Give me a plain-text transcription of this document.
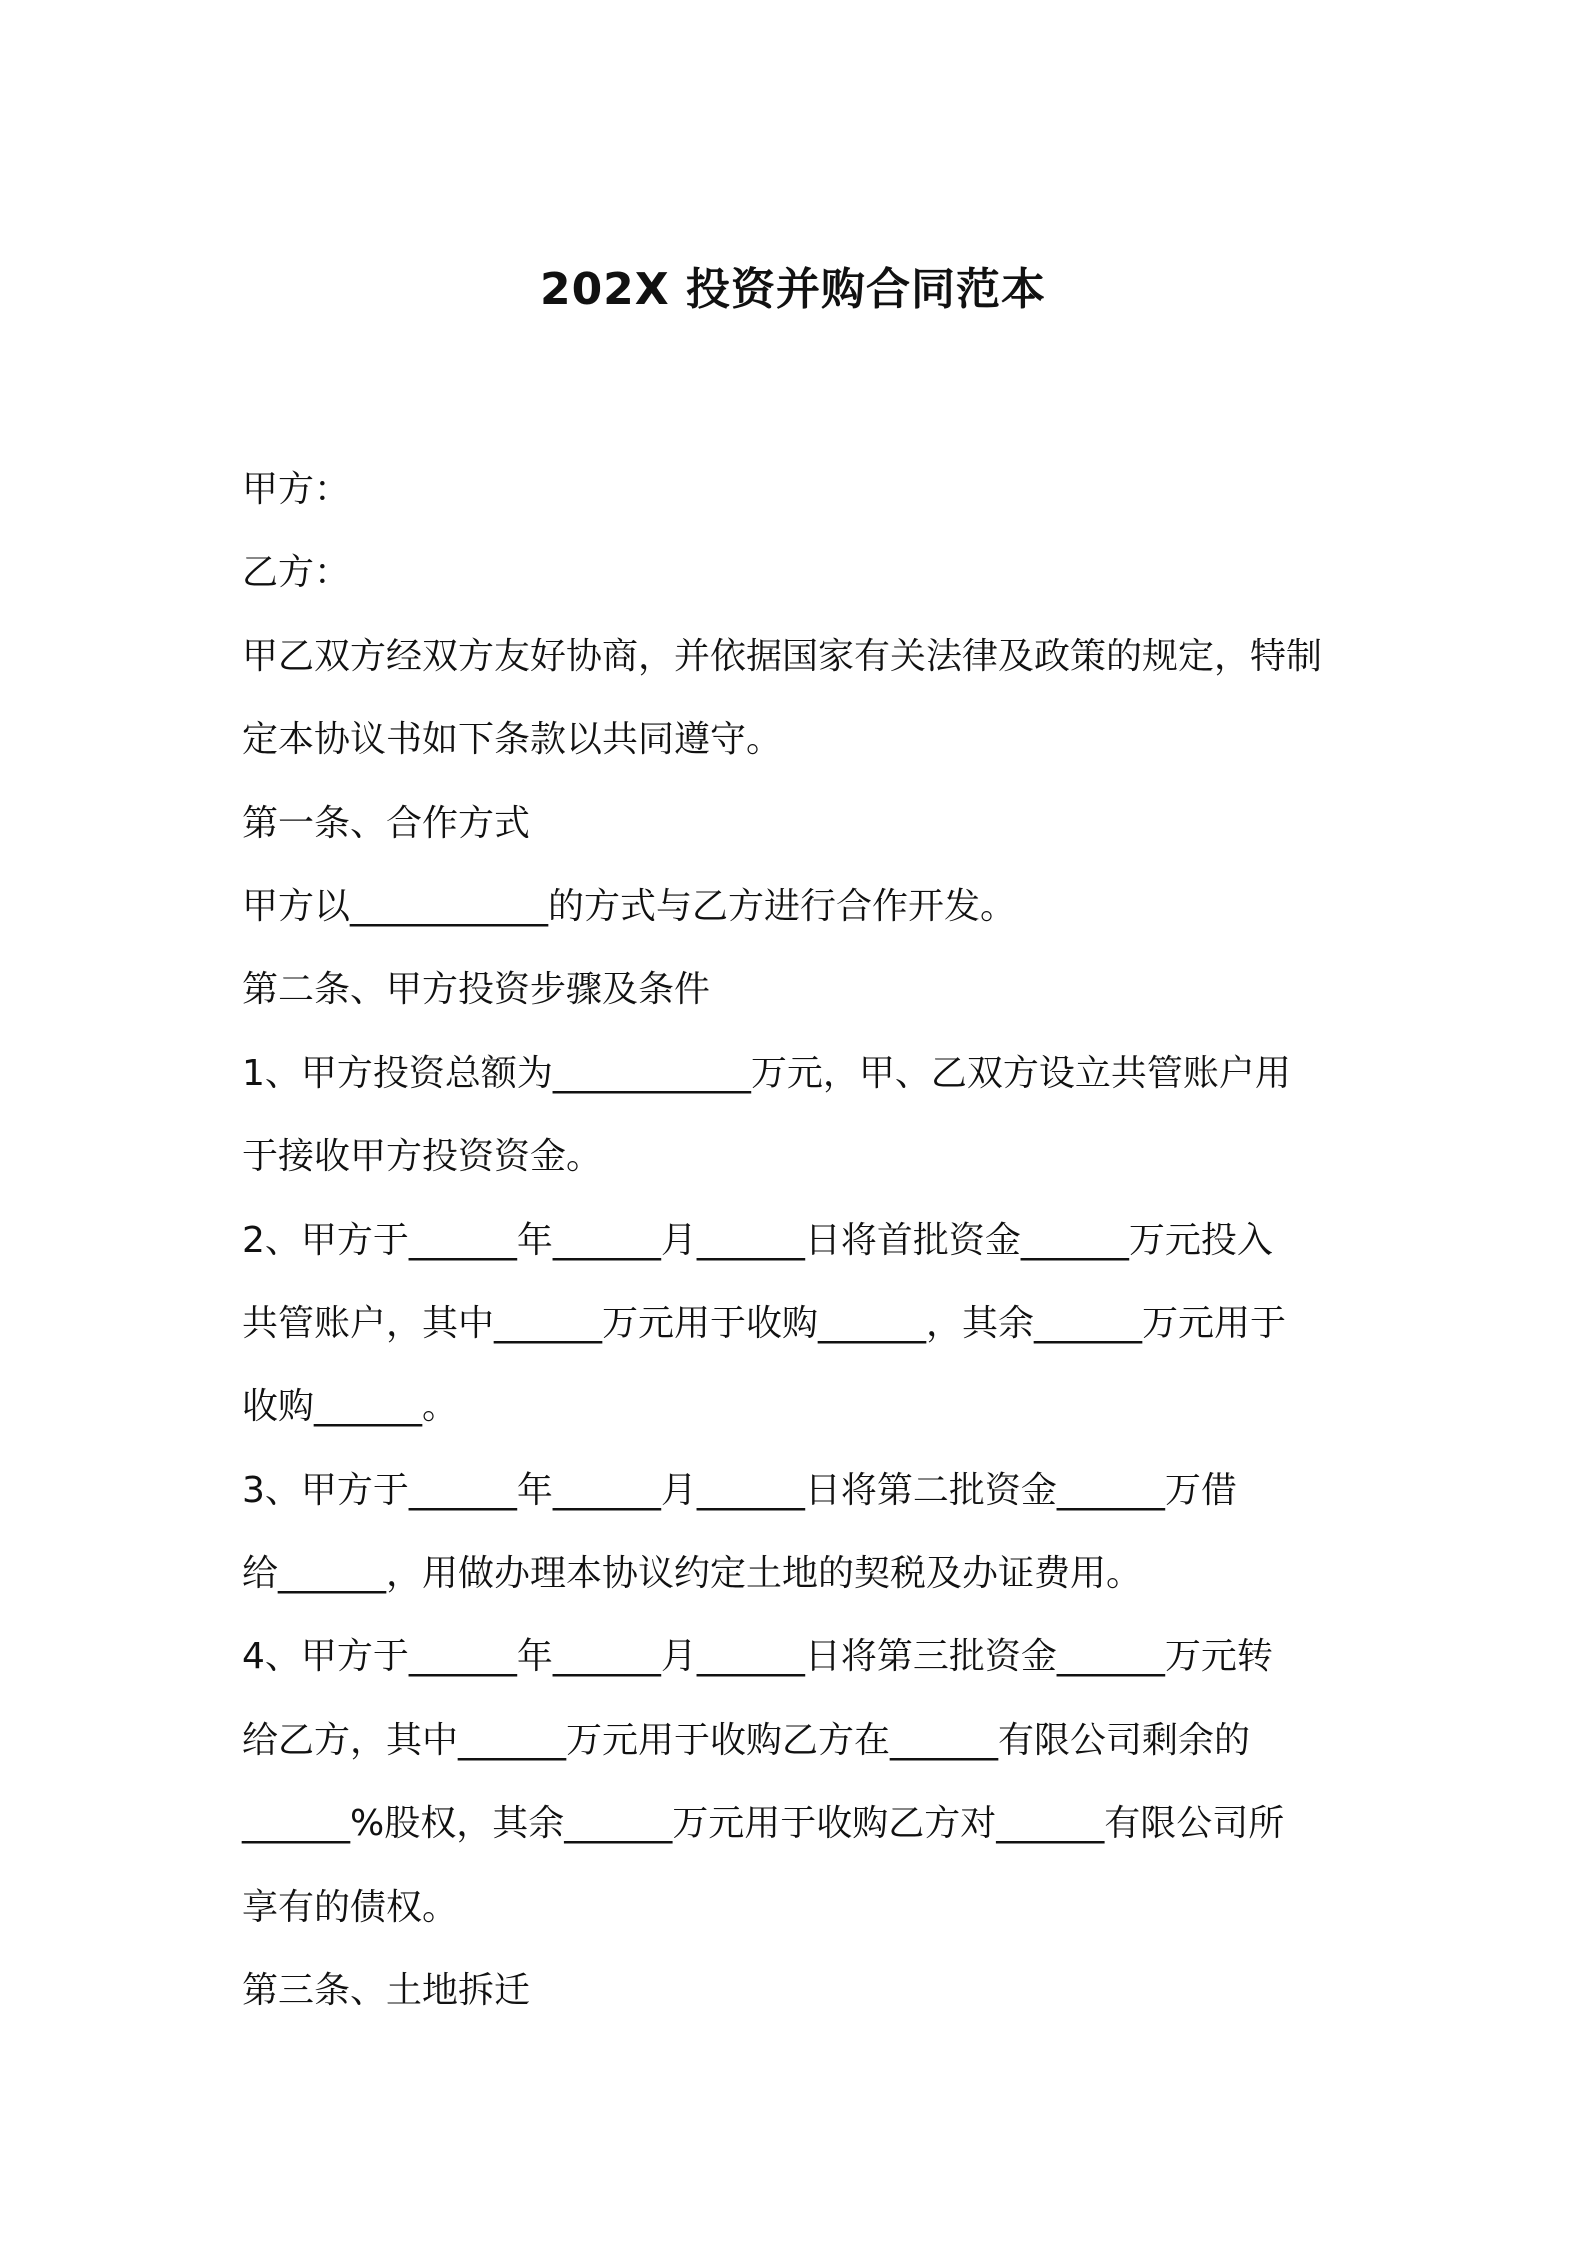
202X 投资并购合同范本
甲方：
乙方：
甲乙双方经双方友好协商，并依据国家有关法律及政策的规定，特制
定本协议书如下条款以共同遵守。
第一条、合作方式
甲方以___________的方式与乙方进行合作开发。
第二条、甲方投资步骤及条件
1、甲方投资总额为___________万元，甲、乙双方设立共管账户用
于接收甲方投资资金。
2、甲方于______年______月______日将首批资金______万元投入
共管账户，其中______万元用于收购______，其余______万元用于
收购______。
3、甲方于______年______月______日将第二批资金______万借
给______，用做办理本协议约定土地的契税及办证费用。
4、甲方于______年______月______日将第三批资金______万元转
给乙方，其中______万元用于收购乙方在______有限公司剩余的
______%股权，其余______万元用于收购乙方对______有限公司所
享有的债权。
第三条、土地拆迁
